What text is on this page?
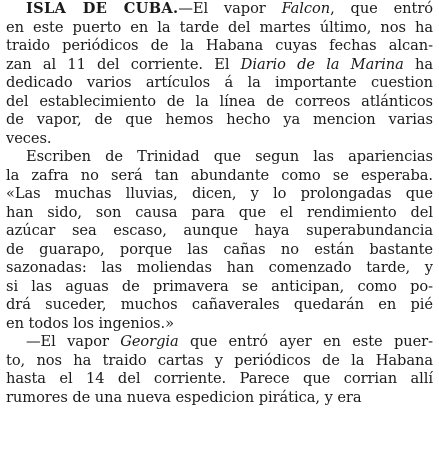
ISLA DE CUBA.—El vapor Falcon, que entró
en este puerto en la tarde del martes último, nos ha
traido periódicos de la Habana cuyas fechas alcan-
zan al 11 del corriente. El Diario de la Marina ha
dedicado varios artículos á la importante cuestion
del establecimiento de la línea de correos atlánticos
de vapor, de que hemos hecho ya mencion varias
veces.
Escriben de Trinidad que segun las apariencias
la zafra no será tan abundante como se esperaba.
«Las muchas lluvias, dicen, y lo prolongadas que
han sido, son causa para que el rendimiento del
azúcar sea escaso, aunque haya superabundancia
de guarapo, porque las cañas no están bastante
sazonadas: las moliendas han comenzado tarde, y
si las aguas de primavera se anticipan, como po-
drá suceder, muchos cañaverales quedarán en pié
en todos los ingenios.»
—El vapor Georgia que entró ayer en este puer-
to, nos ha traido cartas y periódicos de la Habana
hasta el 14 del corriente. Parece que corrian allí
rumores de una nueva espedicion pirática, y era
